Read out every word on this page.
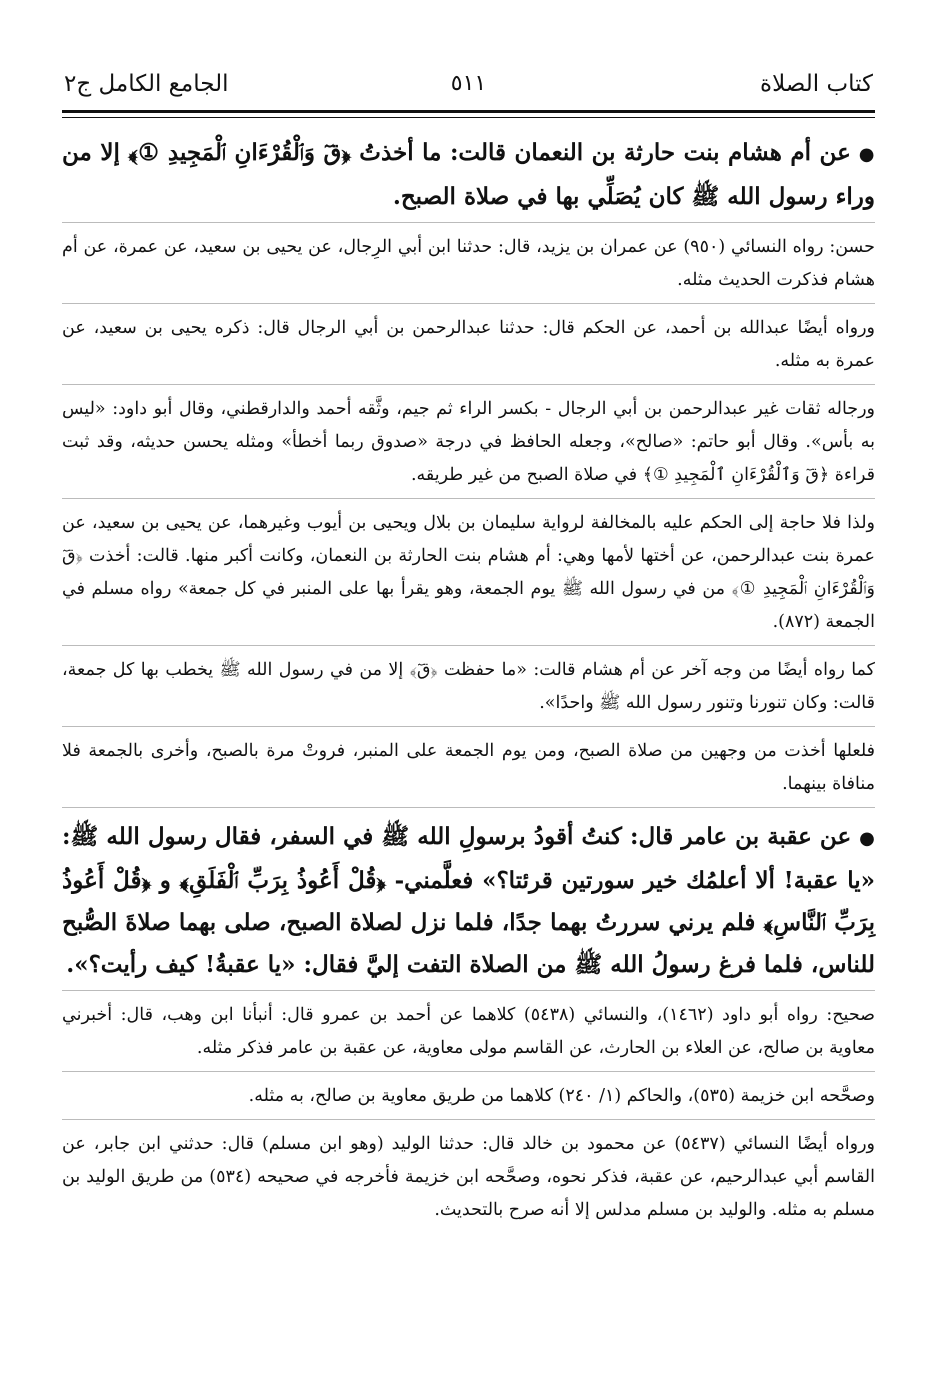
كتاب الصلاة
٥١١
الجامع الكامل ج٢

●عن أم هشام بنت حارثة بن النعمان قالت: ما أخذتُ ﴿قٓ وَٱلْقُرْءَانِ ٱلْمَجِيدِ ①﴾ إلا من وراء رسول الله ﷺ كان يُصَلِّي بها في صلاة الصبح.

حسن: رواه النسائي (٩٥٠) عن عمران بن يزيد، قال: حدثنا ابن أبي الرِجال، عن يحيى بن سعيد، عن عمرة، عن أم هشام فذكرت الحديث مثله.

ورواه أيضًا عبدالله بن أحمد، عن الحكم قال: حدثنا عبدالرحمن بن أبي الرجال قال: ذكره يحيى بن سعيد، عن عمرة به مثله.

ورجاله ثقات غير عبدالرحمن بن أبي الرجال - بكسر الراء ثم جيم، وثَّقه أحمد والدارقطني، وقال أبو داود: «ليس به بأس». وقال أبو حاتم: «صالح»، وجعله الحافظ في درجة «صدوق ربما أخطأ» ومثله يحسن حديثه، وقد ثبت قراءة ﴿قٓ وَٱلْقُرْءَانِ ٱلْمَجِيدِ ①﴾ في صلاة الصبح من غير طريقه.

ولذا فلا حاجة إلى الحكم عليه بالمخالفة لرواية سليمان بن بلال ويحيى بن أيوب وغيرهما، عن يحيى بن سعيد، عن عمرة بنت عبدالرحمن، عن أختها لأمها وهي: أم هشام بنت الحارثة بن النعمان، وكانت أكبر منها. قالت: أخذت ﴿قٓ وَٱلْقُرْءَانِ ٱلْمَجِيدِ ①﴾ من في رسول الله ﷺ يوم الجمعة، وهو يقرأ بها على المنبر في كل جمعة» رواه مسلم في الجمعة (٨٧٢).

كما رواه أيضًا من وجه آخر عن أم هشام قالت: «ما حفظت ﴿قٓ﴾ إلا من في رسول الله ﷺ يخطب بها كل جمعة، قالت: وكان تنورنا وتنور رسول الله ﷺ واحدًا».

فلعلها أخذت من وجهين من صلاة الصبح، ومن يوم الجمعة على المنبر، فروتْ مرة بالصبح، وأخرى بالجمعة فلا منافاة بينهما.

●عن عقبة بن عامر قال: كنتُ أقودُ برسولِ الله ﷺ في السفر، فقال رسول الله ﷺ: «يا عقبة! ألا أعلمُك خير سورتين قرئتا؟» فعلَّمني- ﴿قُلْ أَعُوذُ بِرَبِّ ٱلْفَلَقِ﴾ و ﴿قُلْ أَعُوذُ بِرَبِّ ٱلنَّاسِ﴾ فلم يرني سررتُ بهما جدًا، فلما نزل لصلاة الصبح، صلى بهما صلاةَ الصُّبح للناس، فلما فرغ رسولُ الله ﷺ من الصلاة التفت إليَّ فقال: «يا عقبةُ! كيف رأيت؟».

صحيح: رواه أبو داود (١٤٦٢)، والنسائي (٥٤٣٨) كلاهما عن أحمد بن عمرو قال: أنبأنا ابن وهب، قال: أخبرني معاوية بن صالح، عن العلاء بن الحارث، عن القاسم مولى معاوية، عن عقبة بن عامر فذكر مثله.

وصحَّحه ابن خزيمة (٥٣٥)، والحاكم (١/ ٢٤٠) كلاهما من طريق معاوية بن صالح، به مثله.

ورواه أيضًا النسائي (٥٤٣٧) عن محمود بن خالد قال: حدثنا الوليد (وهو ابن مسلم) قال: حدثني ابن جابر، عن القاسم أبي عبدالرحيم، عن عقبة، فذكر نحوه، وصحَّحه ابن خزيمة فأخرجه في صحيحه (٥٣٤) من طريق الوليد بن مسلم به مثله. والوليد بن مسلم مدلس إلا أنه صرح بالتحديث.
